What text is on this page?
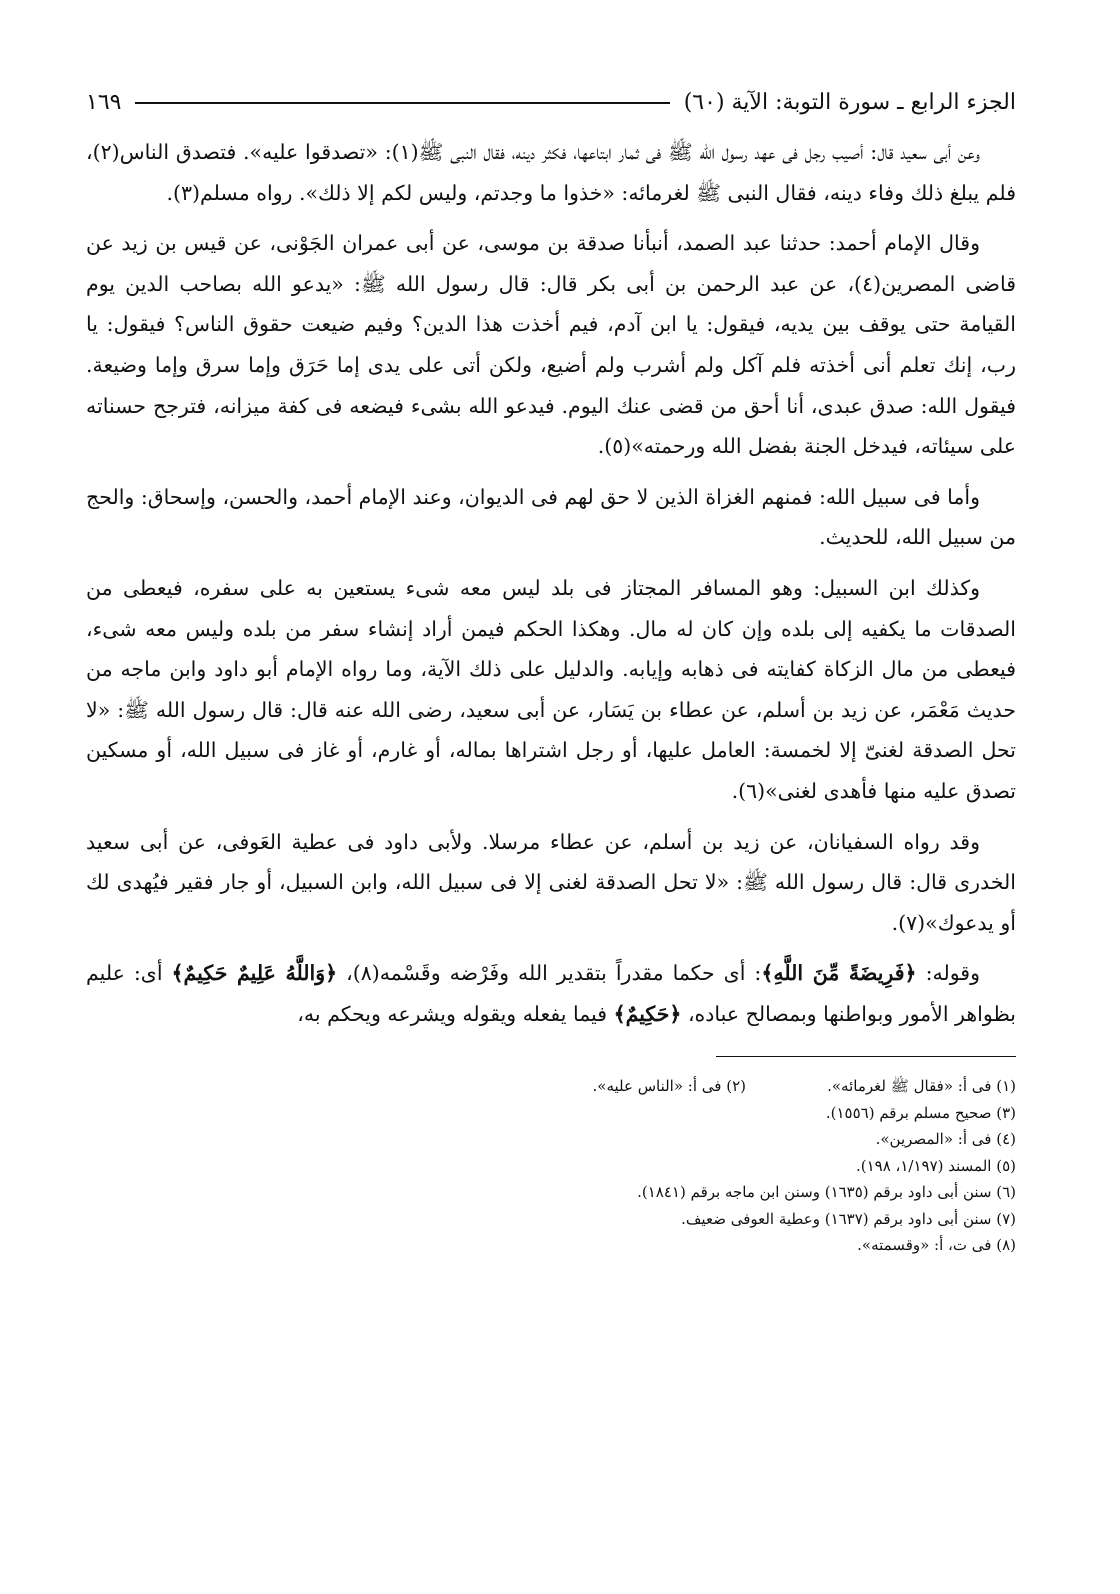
الجزء الرابع ـ سورة التوبة: الآية (٦٠)
١٦٩

وعن أبى سعيد قال: أصيب رجل فى عهد رسول الله ﷺ فى ثمار ابتاعها، فكثر دينه، فقال النبى ﷺ(١): «تصدقوا عليه». فتصدق الناس(٢)، فلم يبلغ ذلك وفاء دينه، فقال النبى ﷺ لغرمائه: «خذوا ما وجدتم، وليس لكم إلا ذلك». رواه مسلم(٣).

وقال الإمام أحمد: حدثنا عبد الصمد، أنبأنا صدقة بن موسى، عن أبى عمران الجَوْنى، عن قيس بن زيد عن قاضى المصرين(٤)، عن عبد الرحمن بن أبى بكر قال: قال رسول الله ﷺ: «يدعو الله بصاحب الدين يوم القيامة حتى يوقف بين يديه، فيقول: يا ابن آدم، فيم أخذت هذا الدين؟ وفيم ضيعت حقوق الناس؟ فيقول: يا رب، إنك تعلم أنى أخذته فلم آكل ولم أشرب ولم أضيع، ولكن أتى على يدى إما حَرَق وإما سرق وإما وضيعة. فيقول الله: صدق عبدى، أنا أحق من قضى عنك اليوم. فيدعو الله بشىء فيضعه فى كفة ميزانه، فترجح حسناته على سيئاته، فيدخل الجنة بفضل الله ورحمته»(٥).

وأما فى سبيل الله: فمنهم الغزاة الذين لا حق لهم فى الديوان، وعند الإمام أحمد، والحسن، وإسحاق: والحج من سبيل الله، للحديث.

وكذلك ابن السبيل: وهو المسافر المجتاز فى بلد ليس معه شىء يستعين به على سفره، فيعطى من الصدقات ما يكفيه إلى بلده وإن كان له مال. وهكذا الحكم فيمن أراد إنشاء سفر من بلده وليس معه شىء، فيعطى من مال الزكاة كفايته فى ذهابه وإيابه. والدليل على ذلك الآية، وما رواه الإمام أبو داود وابن ماجه من حديث مَعْمَر، عن زيد بن أسلم، عن عطاء بن يَسَار، عن أبى سعيد، رضى الله عنه قال: قال رسول الله ﷺ: «لا تحل الصدقة لغنىّ إلا لخمسة: العامل عليها، أو رجل اشتراها بماله، أو غارم، أو غاز فى سبيل الله، أو مسكين تصدق عليه منها فأهدى لغنى»(٦).

وقد رواه السفيانان، عن زيد بن أسلم، عن عطاء مرسلا. ولأبى داود فى عطية العَوفى، عن أبى سعيد الخدرى قال: قال رسول الله ﷺ: «لا تحل الصدقة لغنى إلا فى سبيل الله، وابن السبيل، أو جار فقير فيُهدى لك أو يدعوك»(٧).

وقوله: ﴿فَرِيضَةً مِّنَ اللَّهِ﴾: أى حكما مقدراً بتقدير الله وفَرْضه وقَسْمه(٨)، ﴿وَاللَّهُ عَلِيمٌ حَكِيمٌ﴾ أى: عليم بظواهر الأمور وبواطنها وبمصالح عباده، ﴿حَكِيمٌ﴾ فيما يفعله ويقوله ويشرعه ويحكم به،

(١) فى أ: «فقال ﷺ لغرمائه».
(٢) فى أ: «الناس عليه».
(٣) صحيح مسلم برقم (١٥٥٦).
(٤) فى أ: «المصرين».
(٥) المسند (١/١٩٧، ١٩٨).
(٦) سنن أبى داود برقم (١٦٣٥) وسنن ابن ماجه برقم (١٨٤١).
(٧) سنن أبى داود برقم (١٦٣٧) وعطية العوفى ضعيف.
(٨) فى ت، أ: «وقسمته».
